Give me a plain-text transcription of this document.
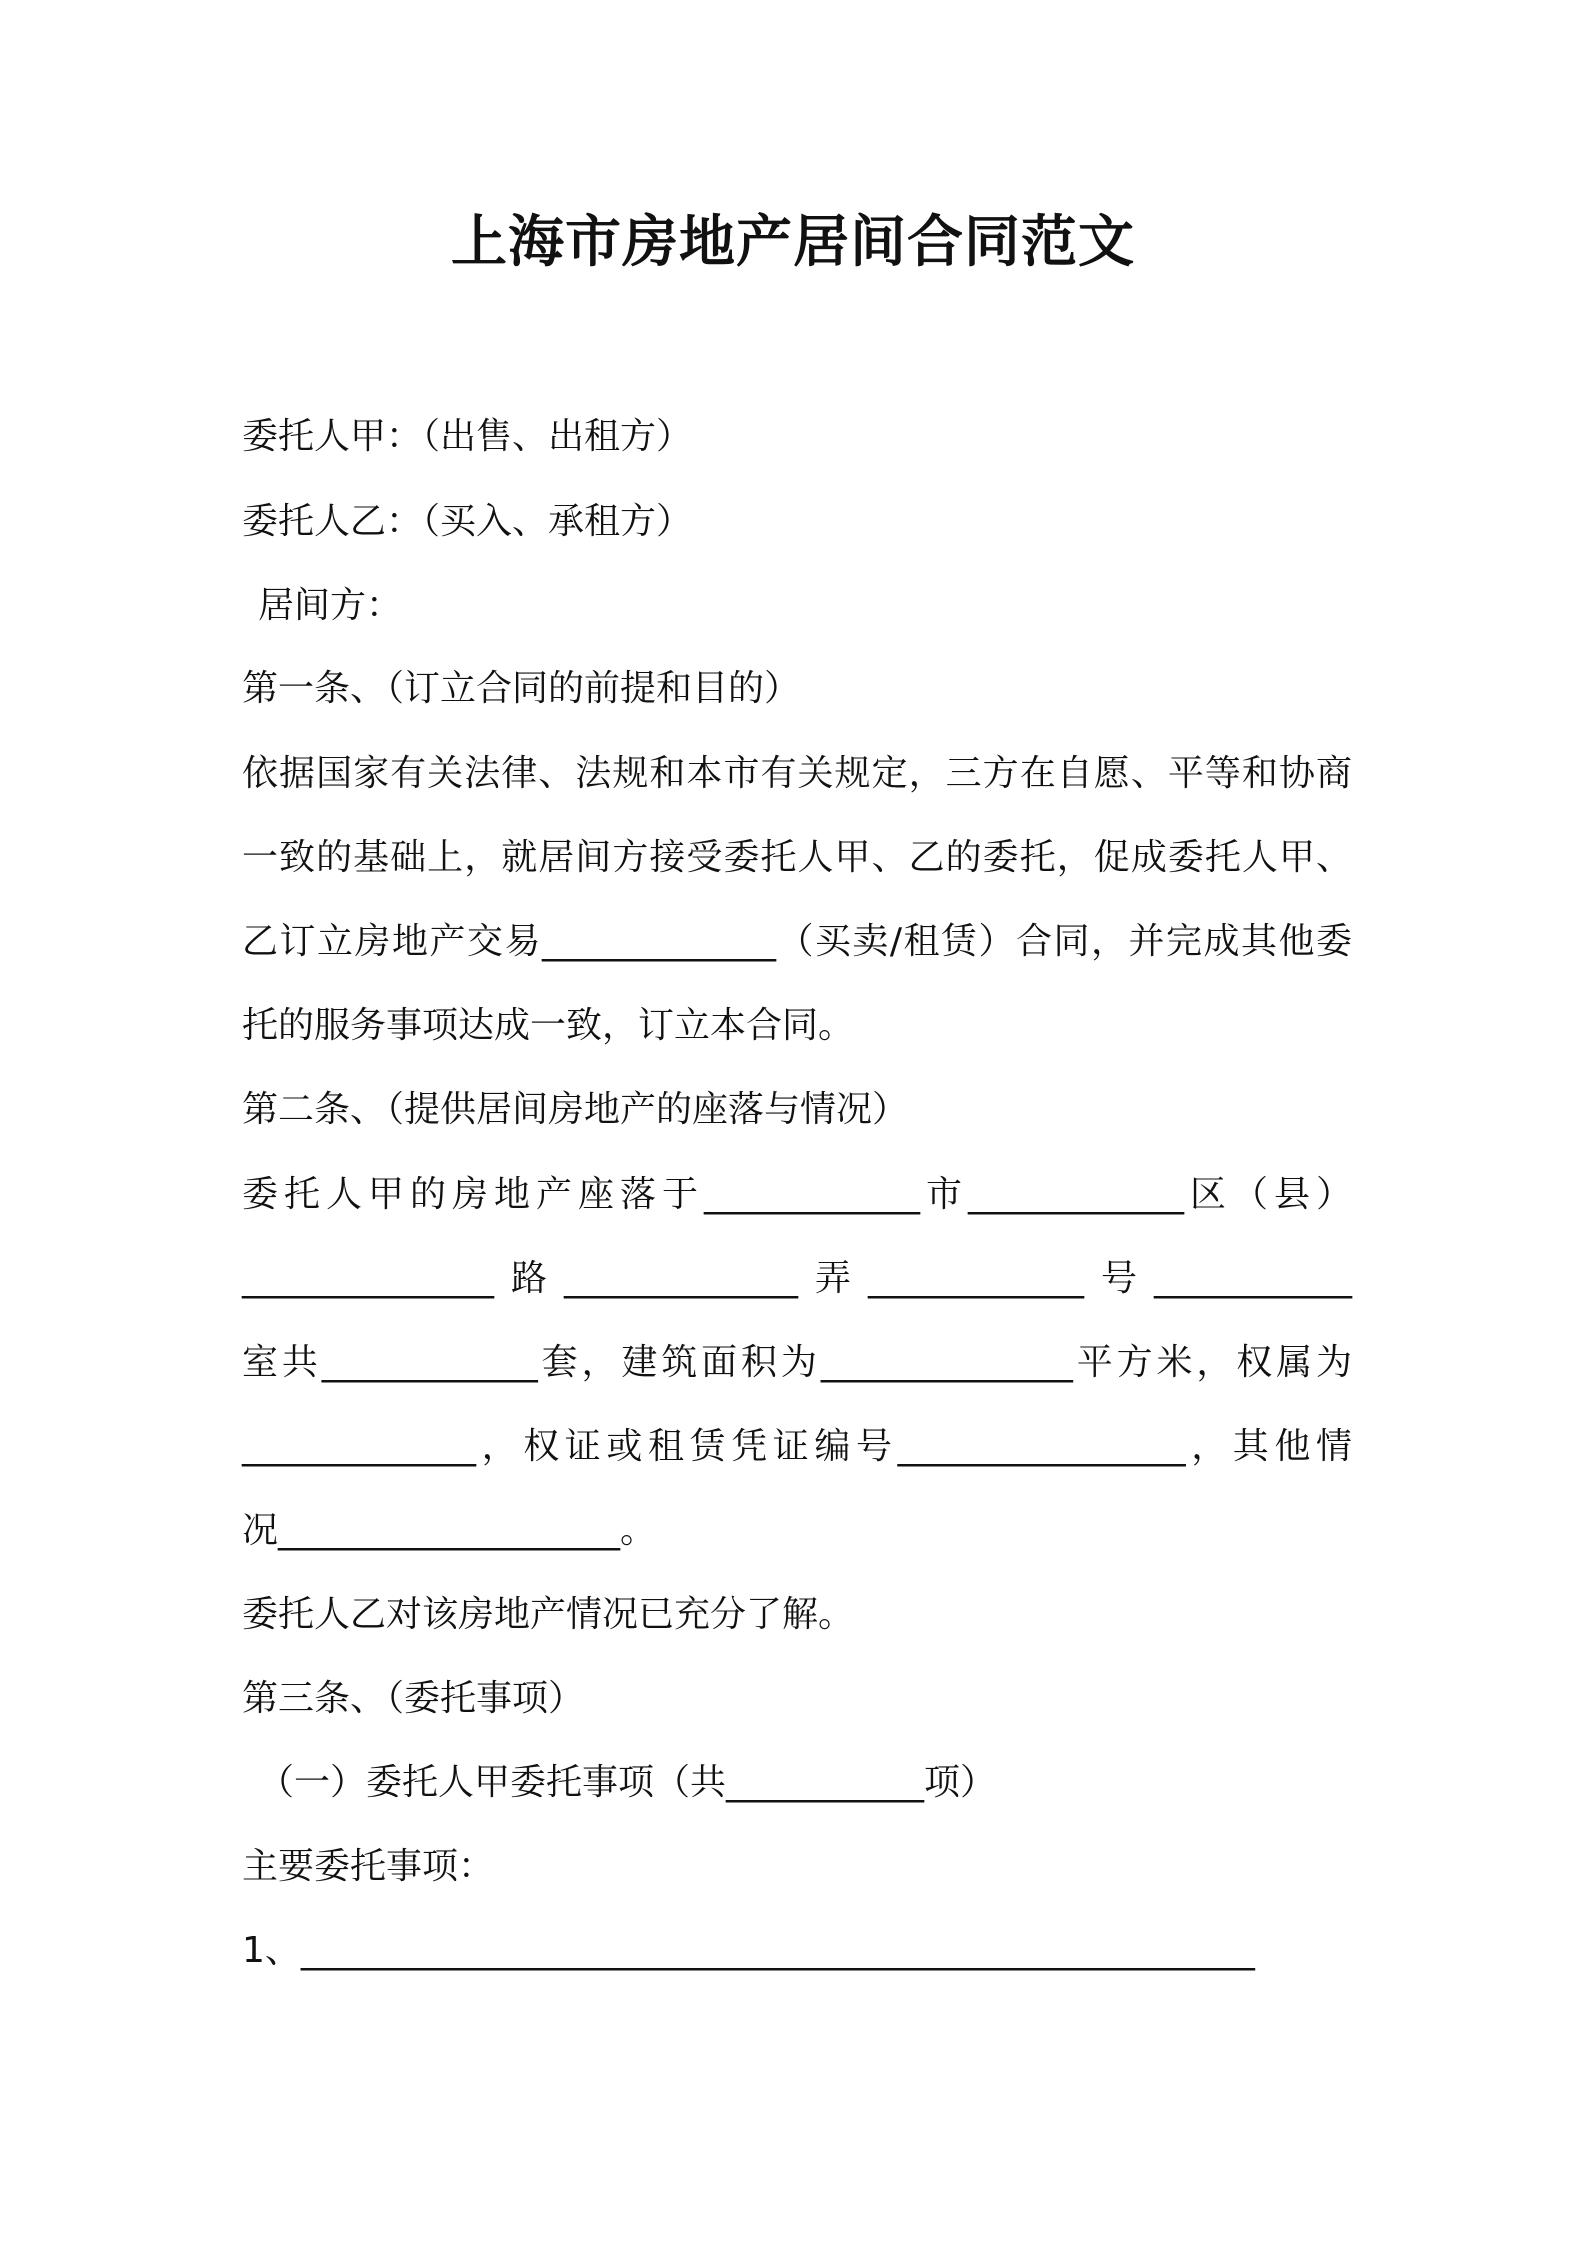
上海市房地产居间合同范文
委托人甲：（出售、出租方）
委托人乙：（买入、承租方）
居间方：
第一条、（订立合同的前提和目的）
依据国家有关法律、法规和本市有关规定，三方在自愿、平等和协商
一致的基础上，就居间方接受委托人甲、乙的委托，促成委托人甲、
乙订立房地产交易_____________（买卖/租赁）合同，并完成其他委
托的服务事项达成一致，订立本合同。
第二条、（提供居间房地产的座落与情况）
委托人甲的房地产座落于____________市____________区（县）
______________路_____________弄____________号___________
室共____________套，建筑面积为______________平方米，权属为
_____________，权证或租赁凭证编号________________，其他情
况___________________。
委托人乙对该房地产情况已充分了解。
第三条、（委托事项）
（一）委托人甲委托事项（共___________项）
主要委托事项：
1、_____________________________________________________
